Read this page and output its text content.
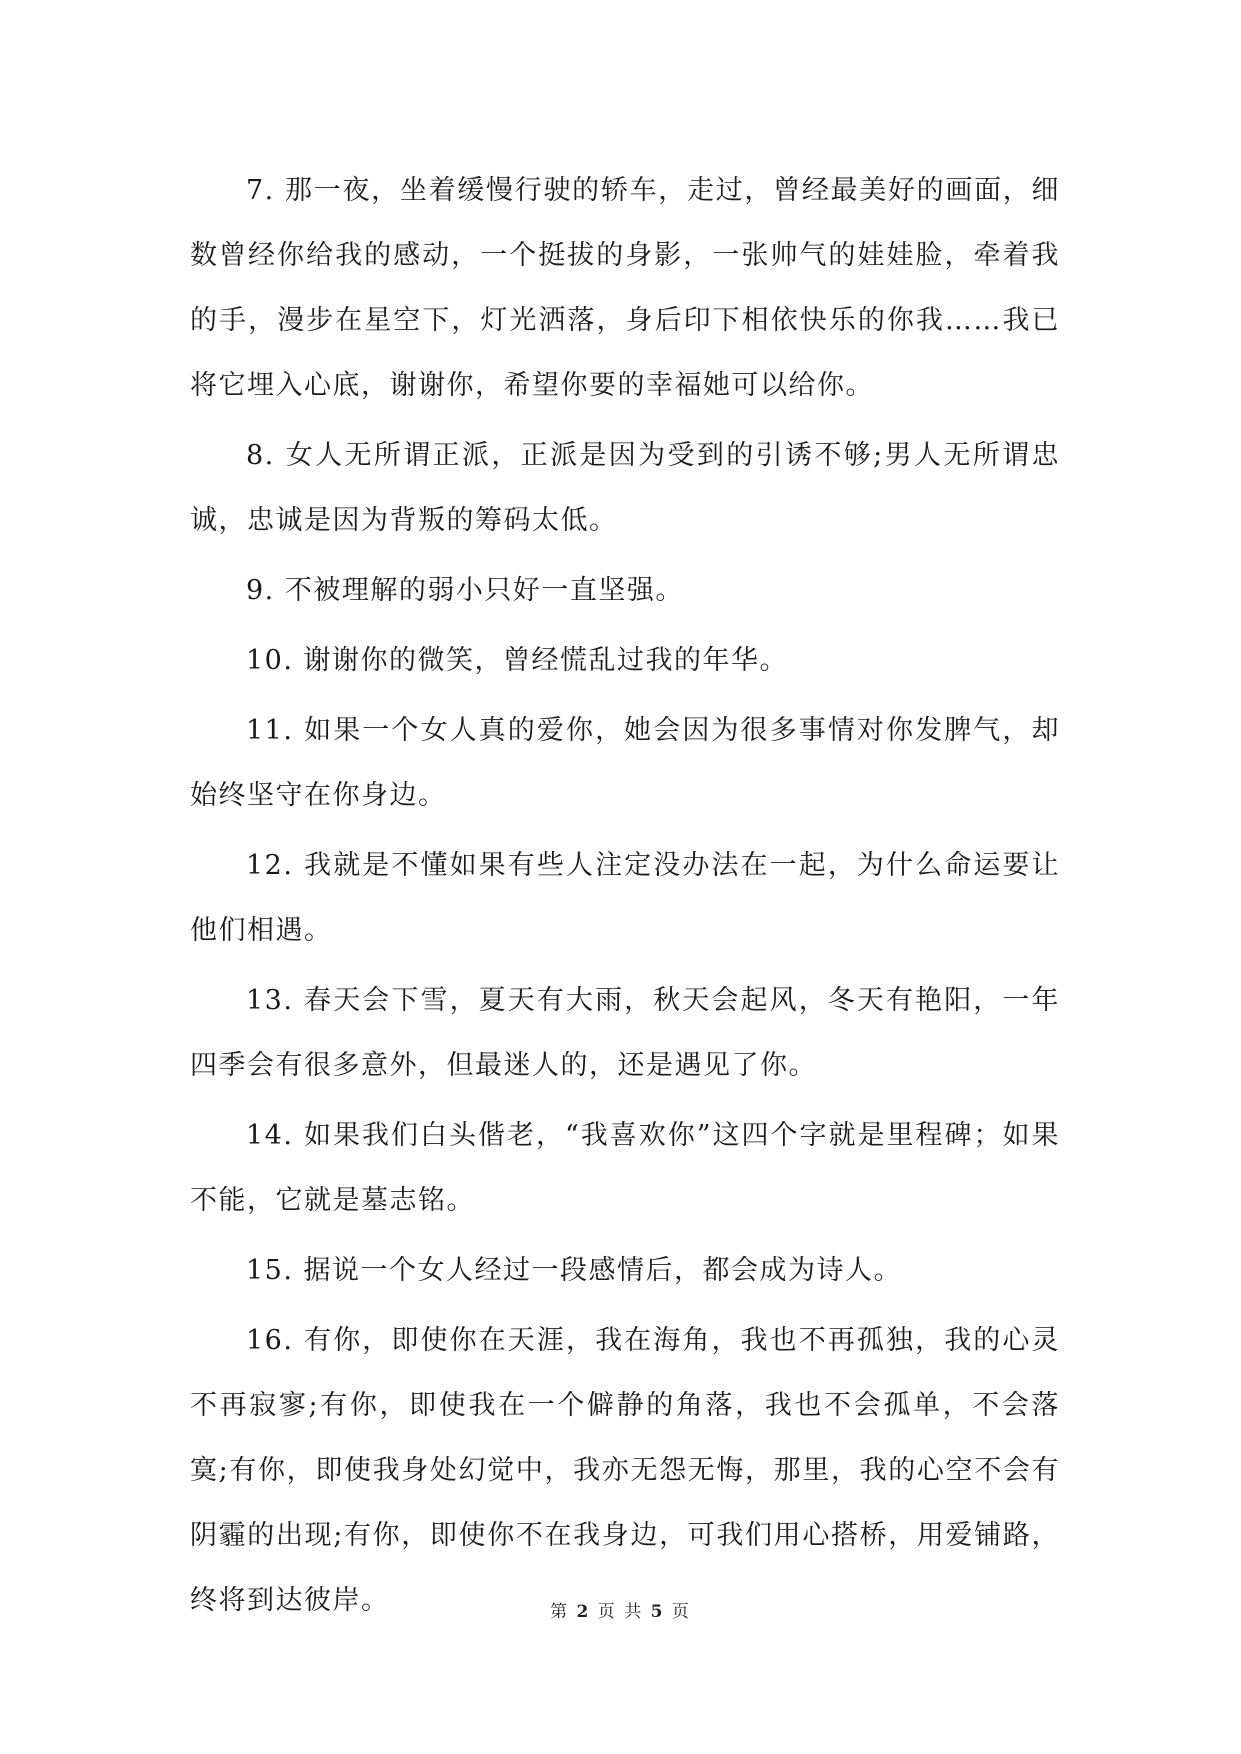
7. 那一夜，坐着缓慢行驶的轿车，走过，曾经最美好的画面，细数曾经你给我的感动，一个挺拔的身影，一张帅气的娃娃脸，牵着我的手，漫步在星空下，灯光洒落，身后印下相依快乐的你我……我已将它埋入心底，谢谢你，希望你要的幸福她可以给你。

8. 女人无所谓正派，正派是因为受到的引诱不够;男人无所谓忠诚，忠诚是因为背叛的筹码太低。

9. 不被理解的弱小只好一直坚强。

10. 谢谢你的微笑，曾经慌乱过我的年华。

11. 如果一个女人真的爱你，她会因为很多事情对你发脾气，却始终坚守在你身边。

12. 我就是不懂如果有些人注定没办法在一起，为什么命运要让他们相遇。

13. 春天会下雪，夏天有大雨，秋天会起风，冬天有艳阳，一年四季会有很多意外，但最迷人的，还是遇见了你。

14. 如果我们白头偕老，“我喜欢你”这四个字就是里程碑；如果不能，它就是墓志铭。

15. 据说一个女人经过一段感情后，都会成为诗人。

16. 有你，即使你在天涯，我在海角，我也不再孤独，我的心灵不再寂寥;有你，即使我在一个僻静的角落，我也不会孤单，不会落寞;有你，即使我身处幻觉中，我亦无怨无悔，那里，我的心空不会有阴霾的出现;有你，即使你不在我身边，可我们用心搭桥，用爱铺路，终将到达彼岸。	第 2 页 共 5 页
